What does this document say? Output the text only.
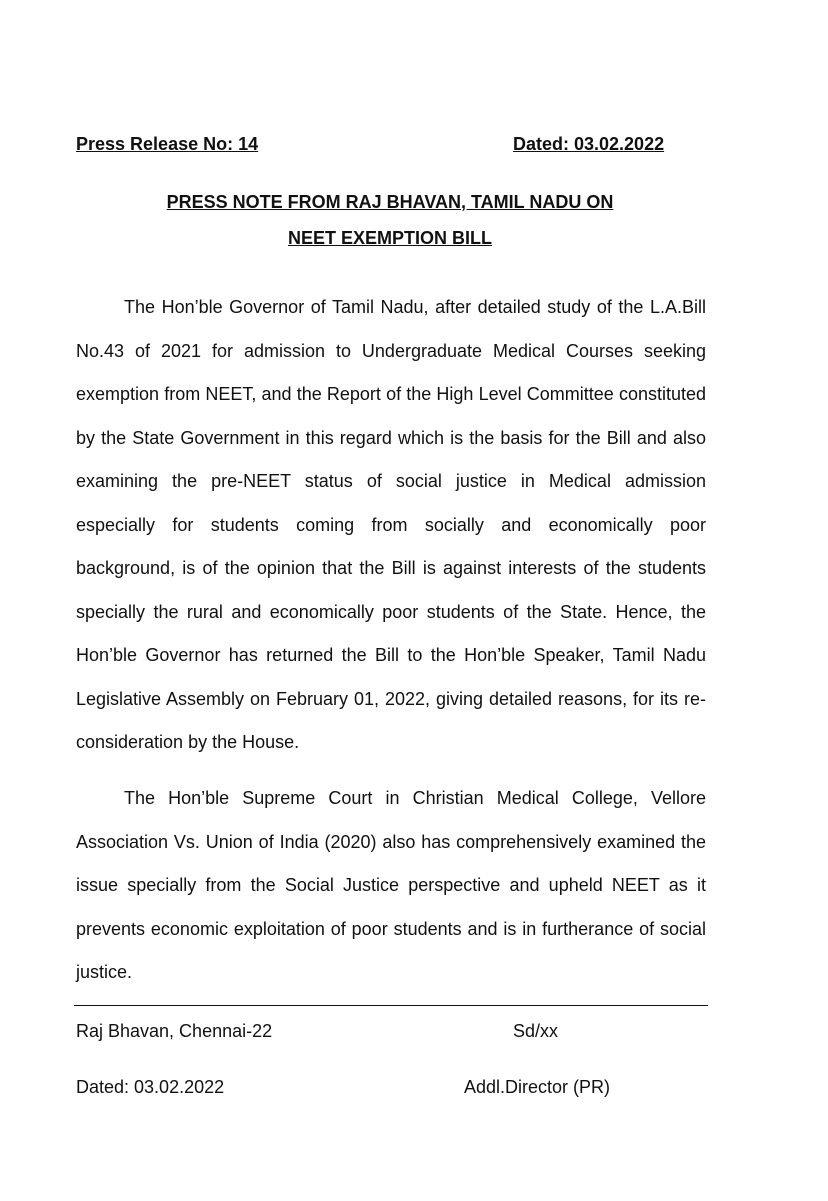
Press Release No: 14	Dated: 03.02.2022
PRESS NOTE FROM RAJ BHAVAN, TAMIL NADU ON
NEET EXEMPTION BILL

The Hon’ble Governor of Tamil Nadu, after detailed study of the L.A.Bill No.43 of 2021 for admission to Undergraduate Medical Courses seeking exemption from NEET, and the Report of the High Level Committee constituted by the State Government in this regard which is the basis for the Bill and also examining the pre-NEET status of social justice in Medical admission especially for students coming from socially and economically poor background, is of the opinion that the Bill is against interests of the students specially the rural and economically poor students of the State. Hence, the Hon’ble Governor has returned the Bill to the Hon’ble Speaker, Tamil Nadu Legislative Assembly on February 01, 2022, giving detailed reasons, for its re-consideration by the House.

The Hon’ble Supreme Court in Christian Medical College, Vellore Association Vs. Union of India (2020) also has comprehensively examined the issue specially from the Social Justice perspective and upheld NEET as it prevents economic exploitation of poor students and is in furtherance of social justice.

Raj Bhavan, Chennai-22	Sd/xx
Dated: 03.02.2022	Addl.Director (PR)
